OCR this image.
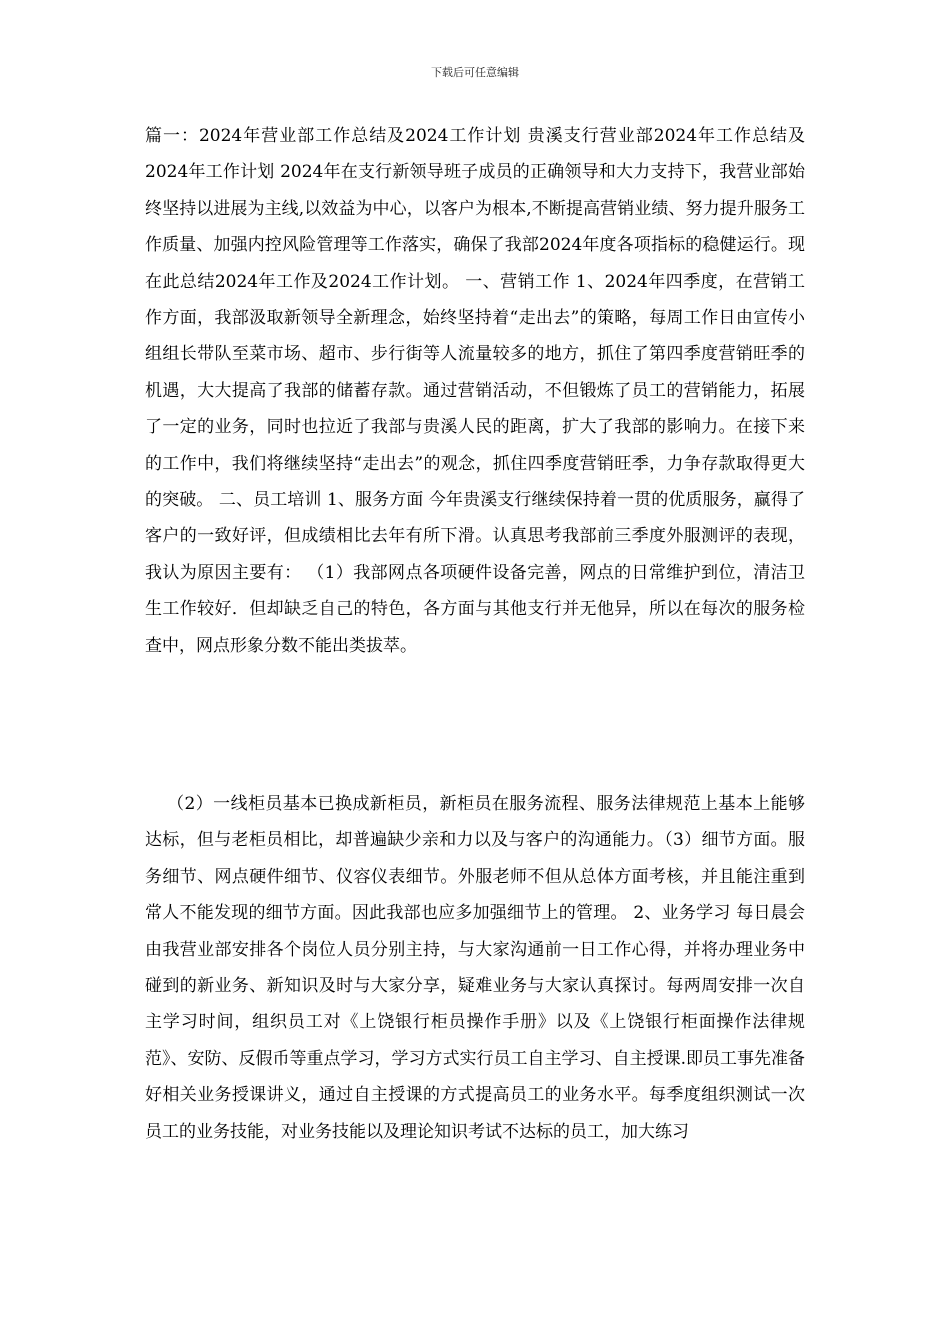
下载后可任意编辑

篇一：2024年营业部工作总结及2024工作计划 贵溪支行营业部2024年工作总结及2024年工作计划 2024年在支行新领导班子成员的正确领导和大力支持下，我营业部始终坚持以进展为主线,以效益为中心，以客户为根本,不断提高营销业绩、努力提升服务工作质量、加强内控风险管理等工作落实，确保了我部2024年度各项指标的稳健运行。现在此总结2024年工作及2024工作计划。 一、营销工作 1、2024年四季度，在营销工作方面，我部汲取新领导全新理念，始终坚持着“走出去”的策略，每周工作日由宣传小组组长带队至菜市场、超市、步行街等人流量较多的地方，抓住了第四季度营销旺季的机遇，大大提高了我部的储蓄存款。通过营销活动，不但锻炼了员工的营销能力，拓展了一定的业务，同时也拉近了我部与贵溪人民的距离，扩大了我部的影响力。在接下来的工作中，我们将继续坚持“走出去”的观念，抓住四季度营销旺季，力争存款取得更大的突破。 二、员工培训 1、服务方面 今年贵溪支行继续保持着一贯的优质服务，赢得了客户的一致好评，但成绩相比去年有所下滑。认真思考我部前三季度外服测评的表现，我认为原因主要有： （1）我部网点各项硬件设备完善，网点的日常维护到位，清洁卫生工作较好．但却缺乏自己的特色，各方面与其他支行并无他异，所以在每次的服务检查中，网点形象分数不能出类拔萃。

（2）一线柜员基本已换成新柜员，新柜员在服务流程、服务法律规范上基本上能够达标，但与老柜员相比，却普遍缺少亲和力以及与客户的沟通能力。（3）细节方面。服务细节、网点硬件细节、仪容仪表细节。外服老师不但从总体方面考核，并且能注重到常人不能发现的细节方面。因此我部也应多加强细节上的管理。 2、业务学习 每日晨会由我营业部安排各个岗位人员分别主持，与大家沟通前一日工作心得，并将办理业务中碰到的新业务、新知识及时与大家分享，疑难业务与大家认真探讨。每两周安排一次自主学习时间，组织员工对《上饶银行柜员操作手册》以及《上饶银行柜面操作法律规范》、安防、反假币等重点学习，学习方式实行员工自主学习、自主授课.即员工事先准备好相关业务授课讲义，通过自主授课的方式提高员工的业务水平。每季度组织测试一次员工的业务技能，对业务技能以及理论知识考试不达标的员工，加大练习
